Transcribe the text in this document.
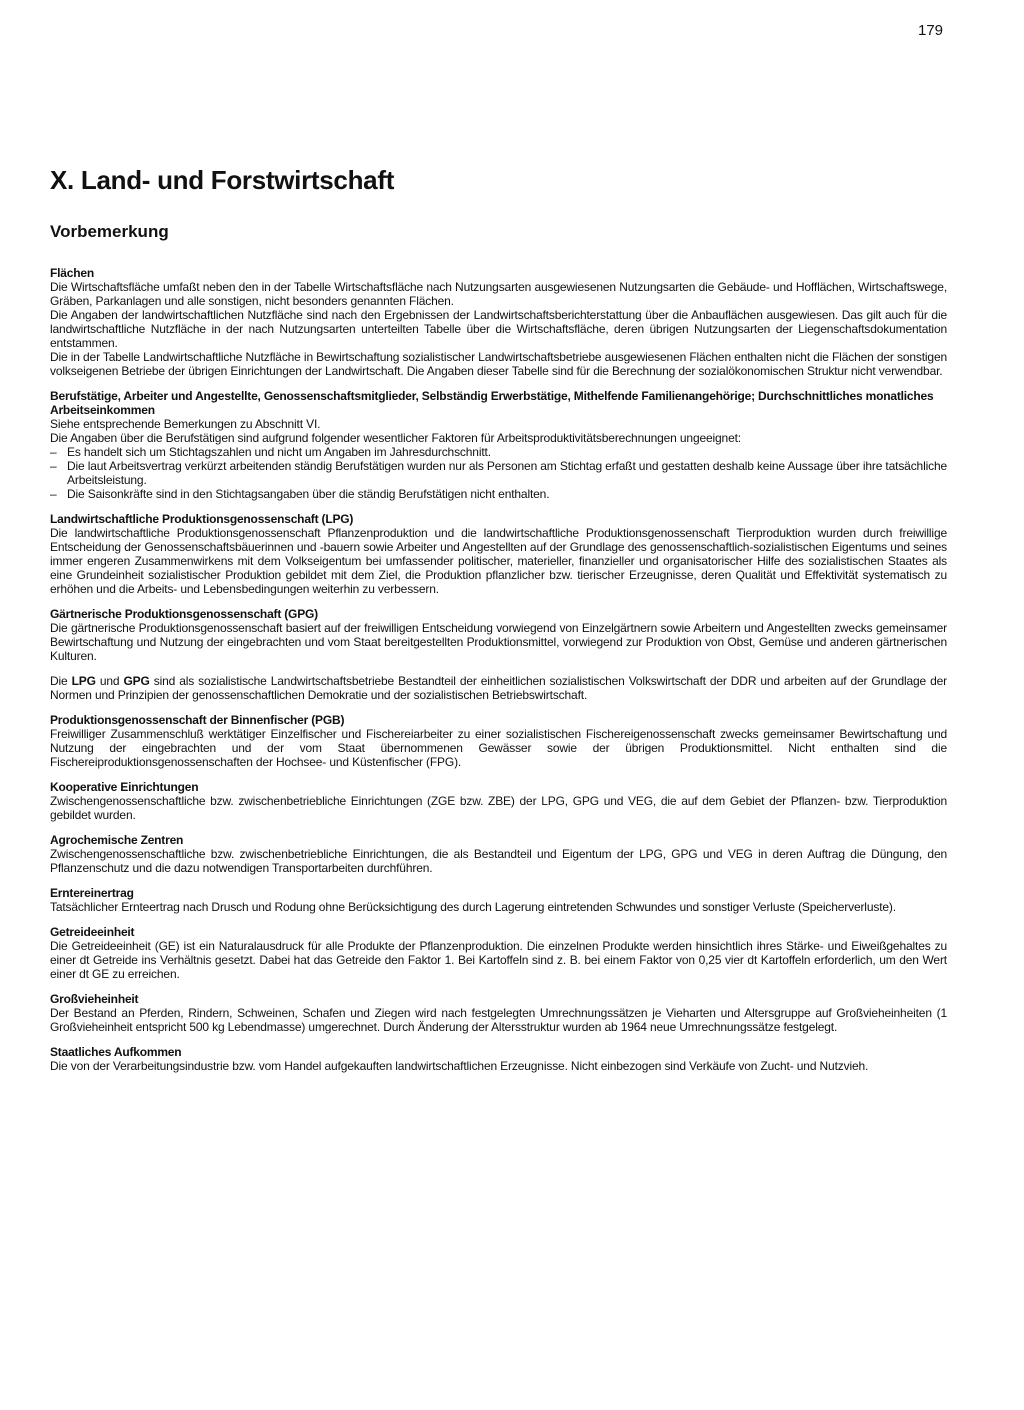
179
X. Land- und Forstwirtschaft
Vorbemerkung
Flächen
Die Wirtschaftsfläche umfaßt neben den in der Tabelle Wirtschaftsfläche nach Nutzungsarten ausgewiesenen Nutzungsarten die Gebäude- und Hofflächen, Wirtschaftswege, Gräben, Parkanlagen und alle sonstigen, nicht besonders genannten Flächen.
Die Angaben der landwirtschaftlichen Nutzfläche sind nach den Ergebnissen der Landwirtschaftsberichterstattung über die Anbauflächen ausgewiesen. Das gilt auch für die landwirtschaftliche Nutzfläche in der nach Nutzungsarten unterteilten Tabelle über die Wirtschaftsfläche, deren übrigen Nutzungsarten der Liegenschaftsdokumentation entstammen.
Die in der Tabelle Landwirtschaftliche Nutzfläche in Bewirtschaftung sozialistischer Landwirtschaftsbetriebe ausgewiesenen Flächen enthalten nicht die Flächen der sonstigen volkseigenen Betriebe der übrigen Einrichtungen der Landwirtschaft. Die Angaben dieser Tabelle sind für die Berechnung der sozialökonomischen Struktur nicht verwendbar.
Berufstätige, Arbeiter und Angestellte, Genossenschaftsmitglieder, Selbständig Erwerbstätige, Mithelfende Familienangehörige; Durchschnittliches monatliches Arbeitseinkommen
Siehe entsprechende Bemerkungen zu Abschnitt VI.
Die Angaben über die Berufstätigen sind aufgrund folgender wesentlicher Faktoren für Arbeitsproduktivitätsberechnungen ungeeignet:
– Es handelt sich um Stichtagszahlen und nicht um Angaben im Jahresdurchschnitt.
– Die laut Arbeitsvertrag verkürzt arbeitenden ständig Berufstätigen wurden nur als Personen am Stichtag erfaßt und gestatten deshalb keine Aussage über ihre tatsächliche Arbeitsleistung.
– Die Saisonkräfte sind in den Stichtagsangaben über die ständig Berufstätigen nicht enthalten.
Landwirtschaftliche Produktionsgenossenschaft (LPG)
Die landwirtschaftliche Produktionsgenossenschaft Pflanzenproduktion und die landwirtschaftliche Produktionsgenossenschaft Tierproduktion wurden durch freiwillige Entscheidung der Genossenschaftsbäuerinnen und -bauern sowie Arbeiter und Angestellten auf der Grundlage des genossenschaftlich-sozialistischen Eigentums und seines immer engeren Zusammenwirkens mit dem Volkseigentum bei umfassender politischer, materieller, finanzieller und organisatorischer Hilfe des sozialistischen Staates als eine Grundeinheit sozialistischer Produktion gebildet mit dem Ziel, die Produktion pflanzlicher bzw. tierischer Erzeugnisse, deren Qualität und Effektivität systematisch zu erhöhen und die Arbeits- und Lebensbedingungen weiterhin zu verbessern.
Gärtnerische Produktionsgenossenschaft (GPG)
Die gärtnerische Produktionsgenossenschaft basiert auf der freiwilligen Entscheidung vorwiegend von Einzelgärtnern sowie Arbeitern und Angestellten zwecks gemeinsamer Bewirtschaftung und Nutzung der eingebrachten und vom Staat bereitgestellten Produktionsmittel, vorwiegend zur Produktion von Obst, Gemüse und anderen gärtnerischen Kulturen.
Die LPG und GPG sind als sozialistische Landwirtschaftsbetriebe Bestandteil der einheitlichen sozialistischen Volkswirtschaft der DDR und arbeiten auf der Grundlage der Normen und Prinzipien der genossenschaftlichen Demokratie und der sozialistischen Betriebswirtschaft.
Produktionsgenossenschaft der Binnenfischer (PGB)
Freiwilliger Zusammenschluß werktätiger Einzelfischer und Fischereiarbeiter zu einer sozialistischen Fischereigenossenschaft zwecks gemeinsamer Bewirtschaftung und Nutzung der eingebrachten und der vom Staat übernommenen Gewässer sowie der übrigen Produktionsmittel. Nicht enthalten sind die Fischereiproduktionsgenossenschaften der Hochsee- und Küstenfischer (FPG).
Kooperative Einrichtungen
Zwischengenossenschaftliche bzw. zwischenbetriebliche Einrichtungen (ZGE bzw. ZBE) der LPG, GPG und VEG, die auf dem Gebiet der Pflanzen- bzw. Tierproduktion gebildet wurden.
Agrochemische Zentren
Zwischengenossenschaftliche bzw. zwischenbetriebliche Einrichtungen, die als Bestandteil und Eigentum der LPG, GPG und VEG in deren Auftrag die Düngung, den Pflanzenschutz und die dazu notwendigen Transportarbeiten durchführen.
Erntereinertrag
Tatsächlicher Ernteertrag nach Drusch und Rodung ohne Berücksichtigung des durch Lagerung eintretenden Schwundes und sonstiger Verluste (Speicherverluste).
Getreideeinheit
Die Getreideeinheit (GE) ist ein Naturalausdruck für alle Produkte der Pflanzenproduktion. Die einzelnen Produkte werden hinsichtlich ihres Stärke- und Eiweißgehaltes zu einer dt Getreide ins Verhältnis gesetzt. Dabei hat das Getreide den Faktor 1. Bei Kartoffeln sind z. B. bei einem Faktor von 0,25 vier dt Kartoffeln erforderlich, um den Wert einer dt GE zu erreichen.
Großvieheinheit
Der Bestand an Pferden, Rindern, Schweinen, Schafen und Ziegen wird nach festgelegten Umrechnungssätzen je Vieharten und Altersgruppe auf Großvieheinheiten (1 Großvieheinheit entspricht 500 kg Lebendmasse) umgerechnet. Durch Änderung der Altersstruktur wurden ab 1964 neue Umrechnungssätze festgelegt.
Staatliches Aufkommen
Die von der Verarbeitungsindustrie bzw. vom Handel aufgekauften landwirtschaftlichen Erzeugnisse. Nicht einbezogen sind Verkäufe von Zucht- und Nutzvieh.
